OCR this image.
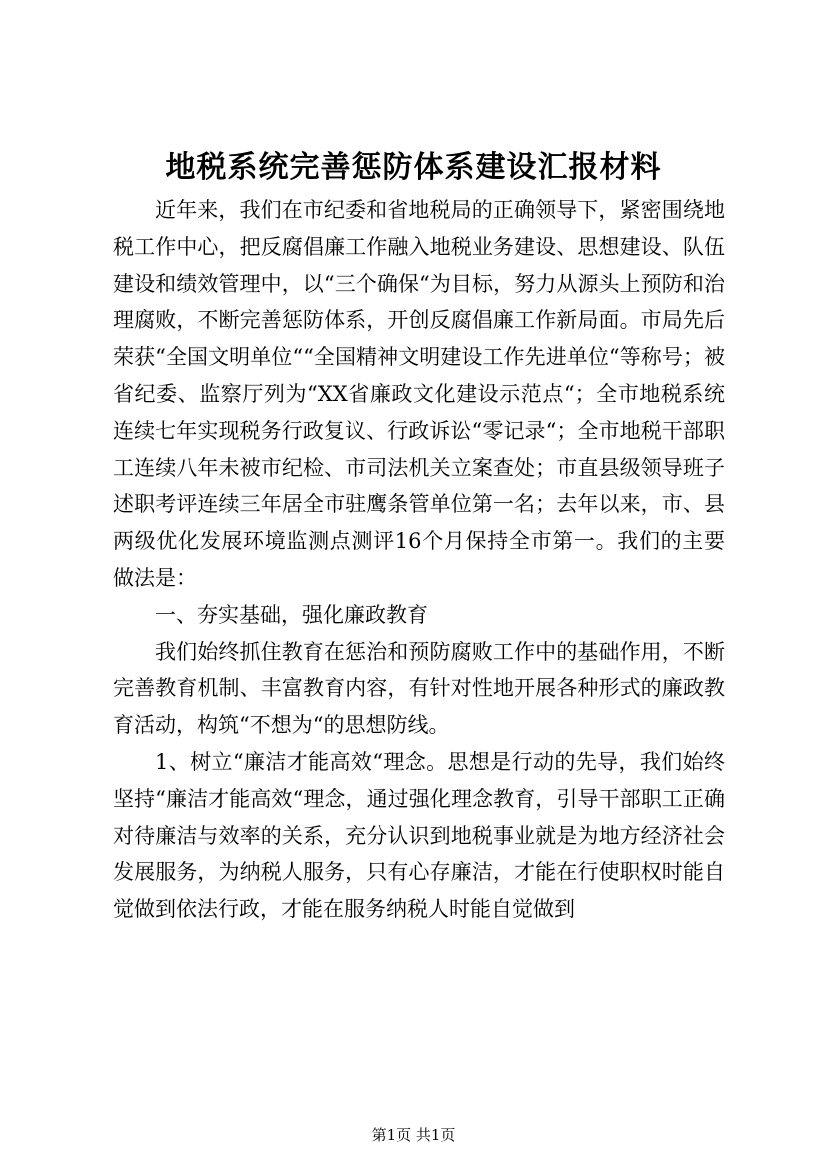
地税系统完善惩防体系建设汇报材料

近年来，我们在市纪委和省地税局的正确领导下，紧密围绕地税工作中心，把反腐倡廉工作融入地税业务建设、思想建设、队伍建设和绩效管理中，以“三个确保“为目标，努力从源头上预防和治理腐败，不断完善惩防体系，开创反腐倡廉工作新局面。市局先后荣获“全国文明单位““全国精神文明建设工作先进单位“等称号；被省纪委、监察厅列为“XX省廉政文化建设示范点“；全市地税系统连续七年实现税务行政复议、行政诉讼“零记录“；全市地税干部职工连续八年未被市纪检、市司法机关立案查处；市直县级领导班子述职考评连续三年居全市驻鹰条管单位第一名；去年以来，市、县两级优化发展环境监测点测评16个月保持全市第一。我们的主要做法是：

一、夯实基础，强化廉政教育

我们始终抓住教育在惩治和预防腐败工作中的基础作用，不断完善教育机制、丰富教育内容，有针对性地开展各种形式的廉政教育活动，构筑“不想为“的思想防线。

1、树立“廉洁才能高效“理念。思想是行动的先导，我们始终坚持“廉洁才能高效“理念，通过强化理念教育，引导干部职工正确对待廉洁与效率的关系，充分认识到地税事业就是为地方经济社会发展服务，为纳税人服务，只有心存廉洁，才能在行使职权时能自觉做到依法行政，才能在服务纳税人时能自觉做到

第1页 共1页
